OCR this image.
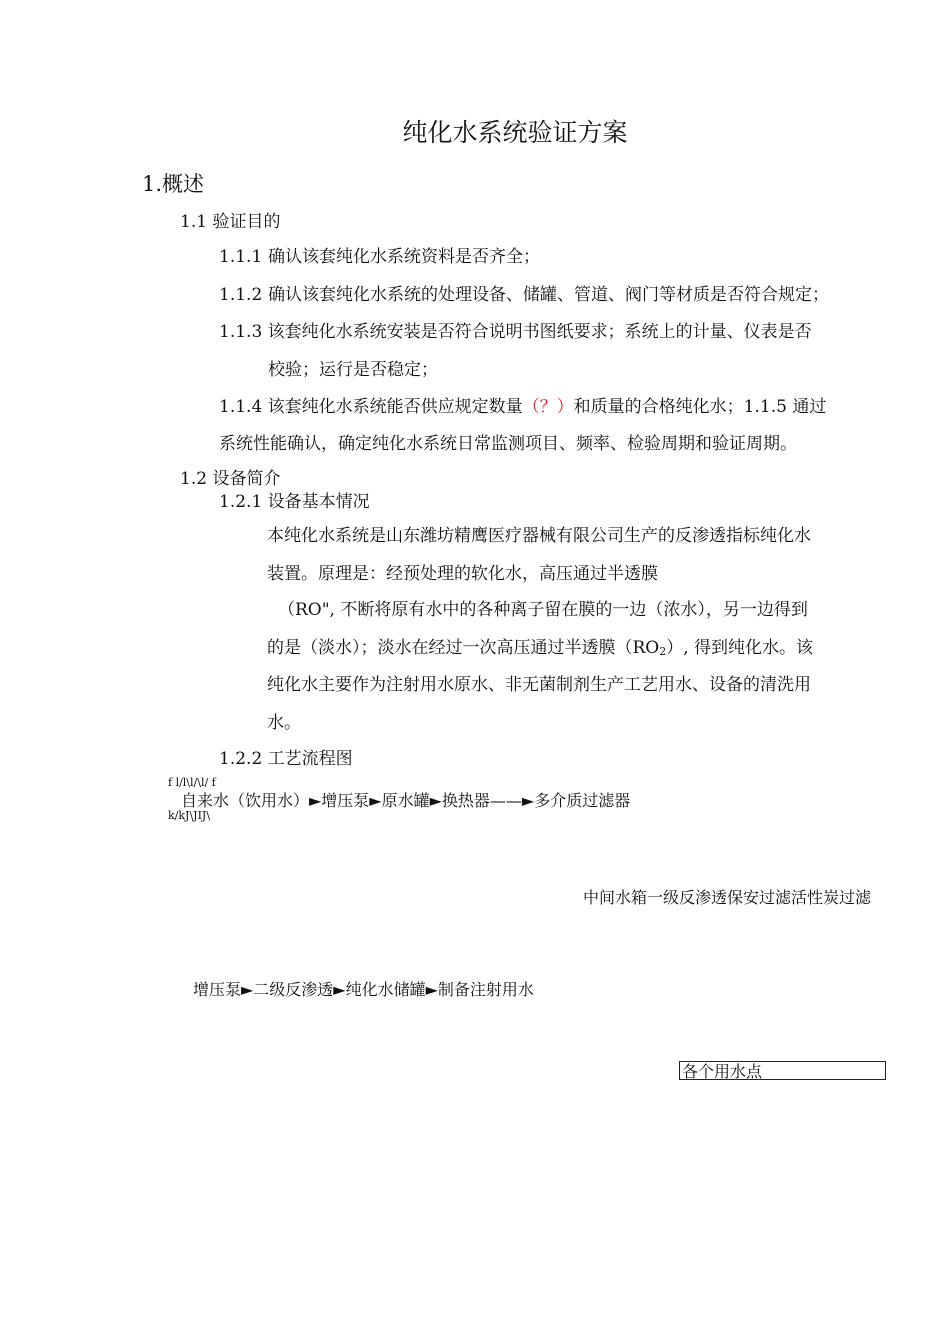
纯化水系统验证方案
1.概述
1.1 验证目的
1.1.1 确认该套纯化水系统资料是否齐全；
1.1.2 确认该套纯化水系统的处理设备、储罐、管道、阀门等材质是否符合规定；
1.1.3 该套纯化水系统安装是否符合说明书图纸要求；系统上的计量、仪表是否
校验；运行是否稳定；
1.1.4 该套纯化水系统能否供应规定数量（？）和质量的合格纯化水；1.1.5 通过
系统性能确认，确定纯化水系统日常监测项目、频率、检验周期和验证周期。
1.2 设备简介
1.2.1 设备基本情况
本纯化水系统是山东潍坊精鹰医疗器械有限公司生产的反渗透指标纯化水
装置。原理是：经预处理的软化水，高压通过半透膜
（RO", 不断将原有水中的各种离子留在膜的一边（浓水），另一边得到
的是（淡水）；淡水在经过一次高压通过半透膜$(RO_2)$, 得到纯化水。该
纯化水主要作为注射用水原水、非无菌制剂生产工艺用水、设备的清洗用
水。
1.2.2 工艺流程图
f l/l\l/\l/ f
自来水（饮用水）►增压泵►原水罐►换热器——►多介质过滤器
k/kJ\JIJ\
中间水箱一级反渗透保安过滤活性炭过滤
增压泵►二级反渗透►纯化水储罐►制备注射用水
各个用水点
